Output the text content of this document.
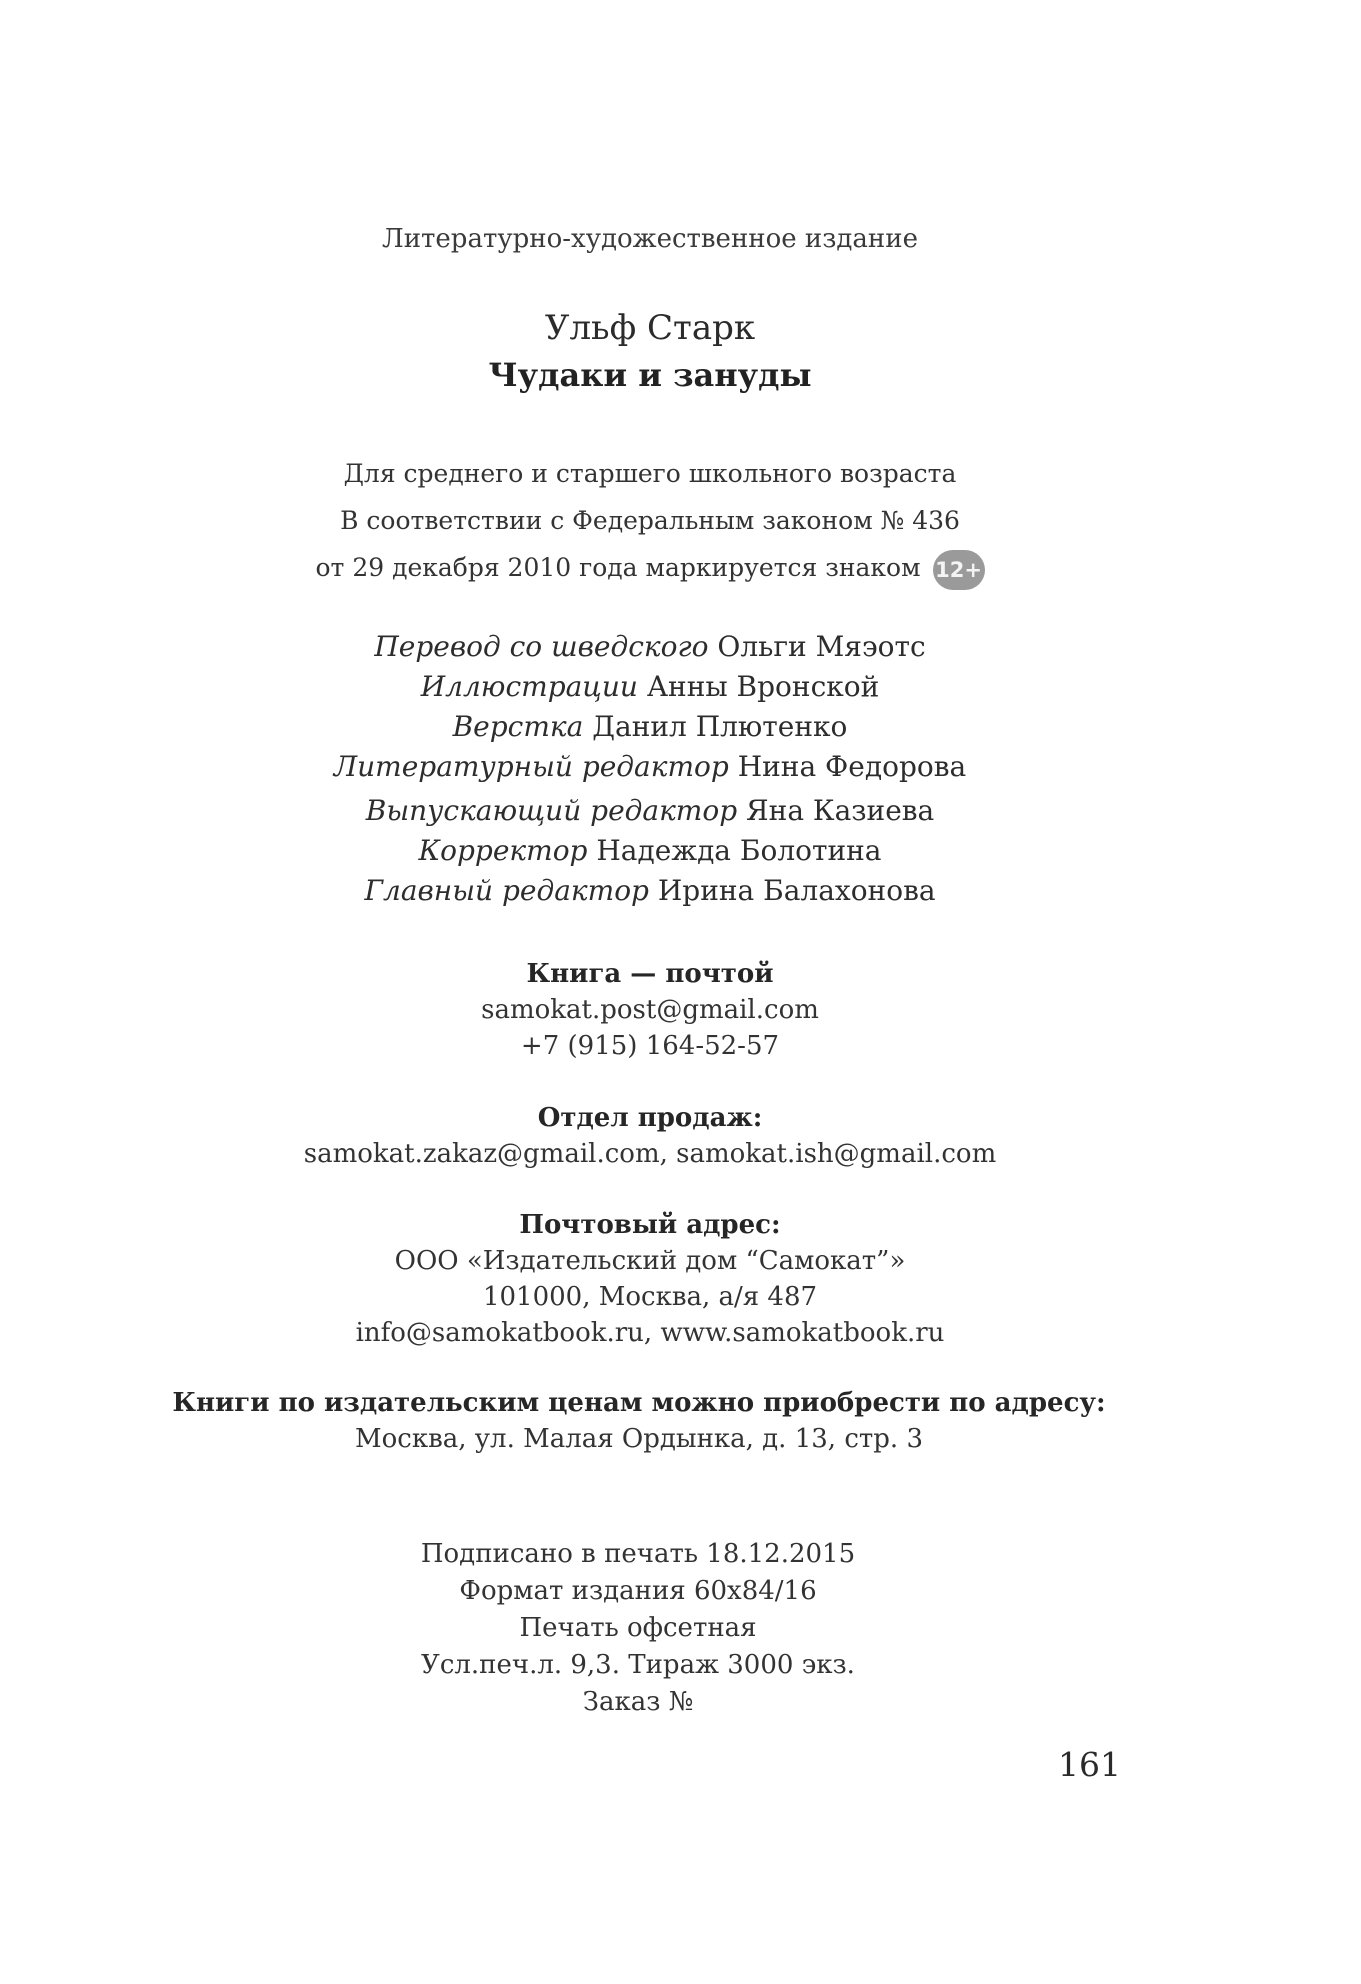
Литературно-художественное издание
Ульф Старк
Чудаки и зануды
Для среднего и старшего школьного возраста
В соответствии с Федеральным законом № 436
от 29 декабря 2010 года маркируется знаком 12+
Перевод со шведского Ольги Мяэотс
Иллюстрации Анны Вронской
Верстка Данил Плютенко
Литературный редактор Нина Федорова
Выпускающий редактор Яна Казиева
Корректор Надежда Болотина
Главный редактор Ирина Балахонова
Книга — почтой
samokat.post@gmail.com
+7 (915) 164-52-57
Отдел продаж:
samokat.zakaz@gmail.com, samokat.ish@gmail.com
Почтовый адрес:
ООО «Издательский дом “Самокат”»
101000, Москва, а/я 487
info@samokatbook.ru, www.samokatbook.ru
Книги по издательским ценам можно приобрести по адресу:
Москва, ул. Малая Ордынка, д. 13, стр. 3
Подписано в печать 18.12.2015
Формат издания 60x84/16
Печать офсетная
Усл.печ.л. 9,3. Тираж 3000 экз.
Заказ №
161
